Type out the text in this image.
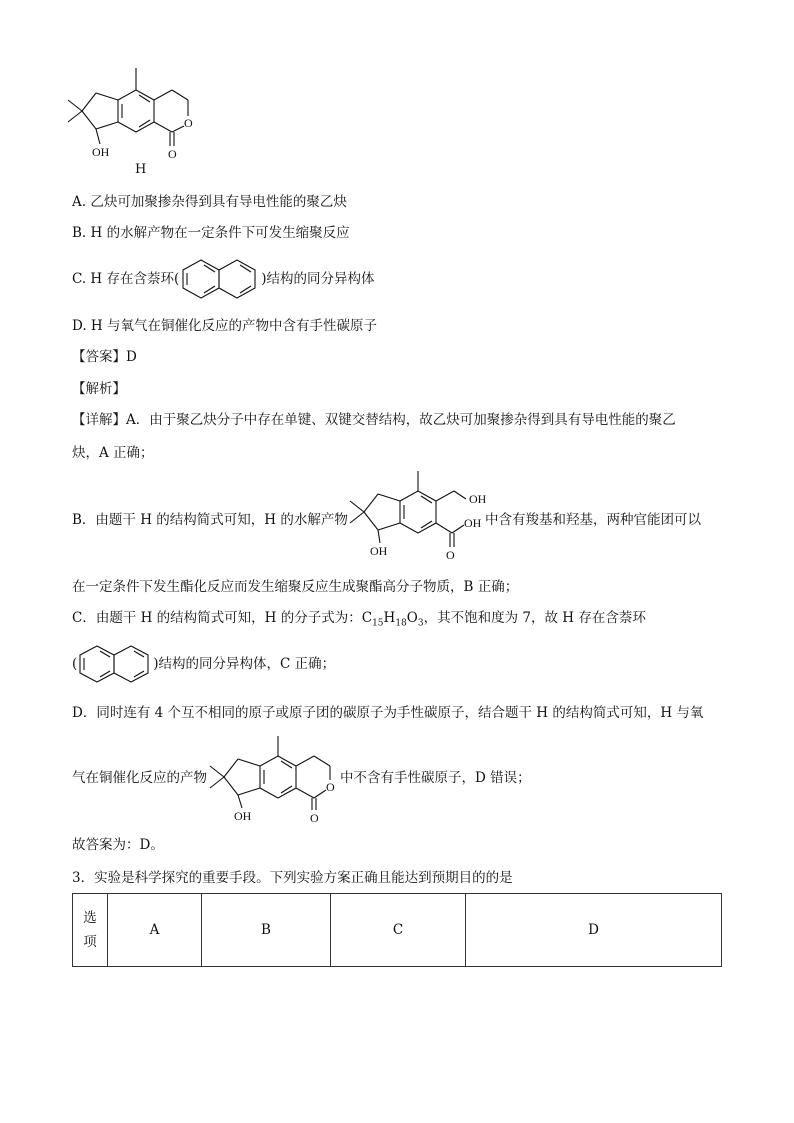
OH
O
O
H
A. 乙炔可加聚掺杂得到具有导电性能的聚乙炔
B. H 的水解产物在一定条件下可发生缩聚反应
C. H 存在含萘环(	)结构的同分异构体
D. H 与氧气在铜催化反应的产物中含有手性碳原子
【答案】D
【解析】
【详解】A．由于聚乙炔分子中存在单键、双键交替结构，故乙炔可加聚掺杂得到具有导电性能的聚乙
炔，A 正确；
B．由题干 H 的结构简式可知，H 的水解产物
OH
OH
O
OH
中含有羧基和羟基，两种官能团可以
在一定条件下发生酯化反应而发生缩聚反应生成聚酯高分子物质，B 正确；
C．由题干 H 的结构简式可知，H 的分子式为：$C_{15}H_{18}O_3$，其不饱和度为 7，故 H 存在含萘环
(	)结构的同分异构体，C 正确；
D．同时连有 4 个互不相同的原子或原子团的碳原子为手性碳原子，结合题干 H 的结构简式可知，H 与氧
气在铜催化反应的产物
O
O
OH
中不含有手性碳原子，D 错误；
故答案为：D。
3．实验是科学探究的重要手段。下列实验方案正确且能达到预期目的的是
选
项
	A	B	C	D
